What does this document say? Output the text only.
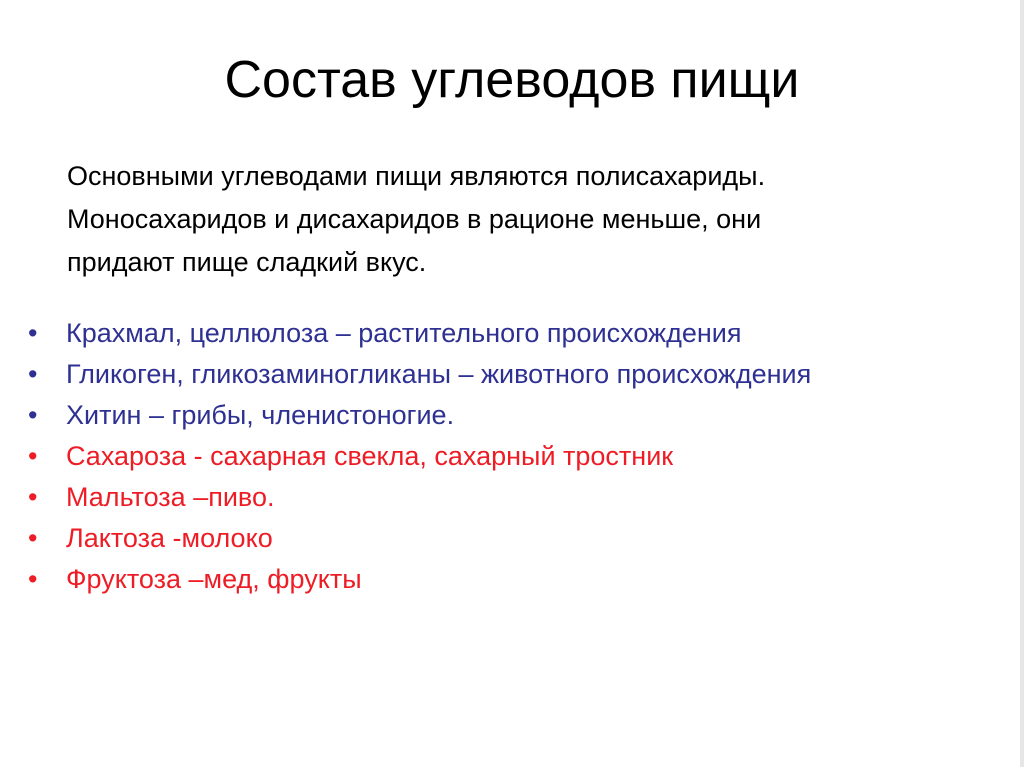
Состав углеводов пищи
Основными углеводами пищи являются полисахариды.
Моносахаридов и дисахаридов в рационе меньше, они
придают пище сладкий вкус.
• Крахмал, целлюлоза – растительного происхождения
• Гликоген, гликозаминогликаны – животного происхождения
• Хитин – грибы, членистоногие.
• Сахароза - сахарная свекла, сахарный тростник
• Мальтоза –пиво.
• Лактоза -молоко
• Фруктоза –мед, фрукты
